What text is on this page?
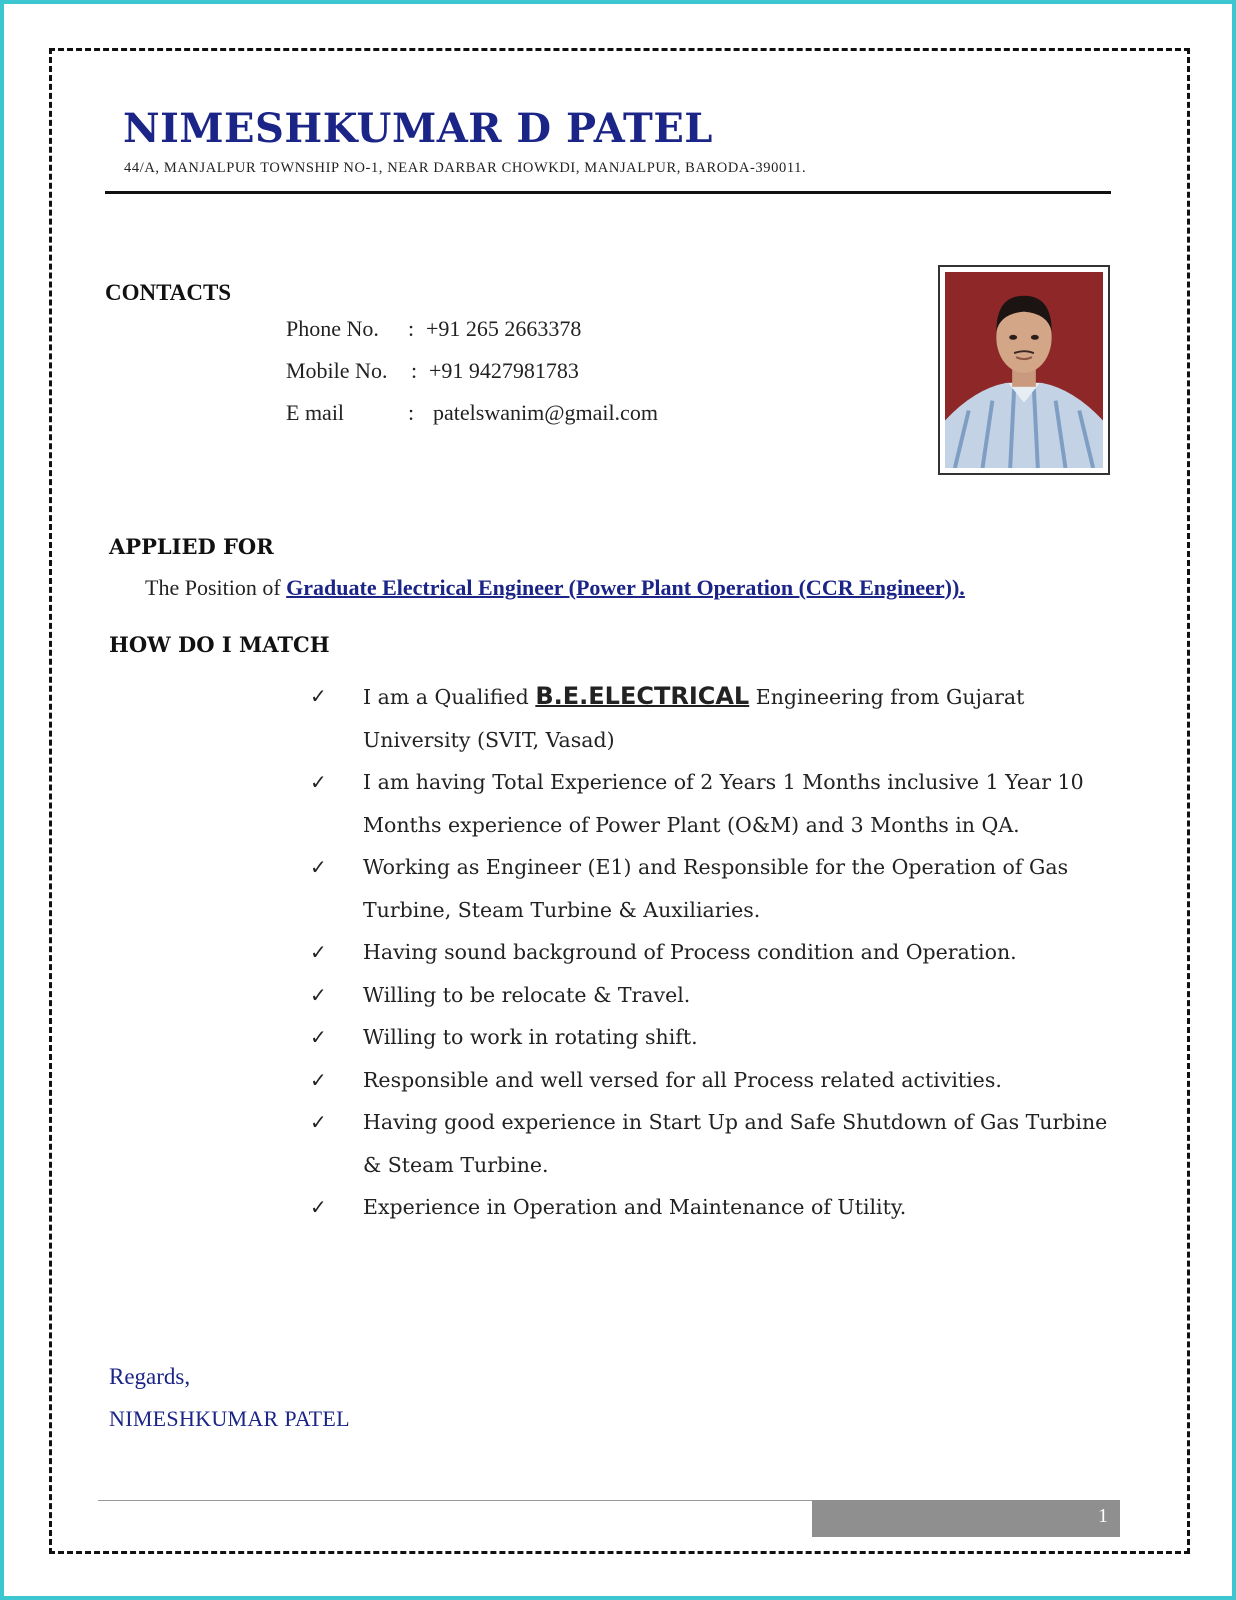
NIMESHKUMAR D PATEL
44/A, MANJALPUR TOWNSHIP NO-1, NEAR DARBAR CHOWKDI, MANJALPUR, BARODA-390011.
CONTACTS
Phone No. : +91 265 2663378
Mobile No. : +91 9427981783
E mail	: patelswanim@gmail.com
APPLIED FOR
The Position of Graduate Electrical Engineer (Power Plant Operation (CCR Engineer)).
HOW DO I MATCH
✓ I am a Qualified B.E.ELECTRICAL Engineering from Gujarat University (SVIT, Vasad)
✓ I am having Total Experience of 2 Years 1 Months inclusive 1 Year 10 Months experience of Power Plant (O&M) and 3 Months in QA.
✓ Working as Engineer (E1) and Responsible for the Operation of Gas Turbine, Steam Turbine & Auxiliaries.
✓ Having sound background of Process condition and Operation.
✓ Willing to be relocate & Travel.
✓ Willing to work in rotating shift.
✓ Responsible and well versed for all Process related activities.
✓ Having good experience in Start Up and Safe Shutdown of Gas Turbine & Steam Turbine.
✓ Experience in Operation and Maintenance of Utility.
Regards,
NIMESHKUMAR PATEL
1
